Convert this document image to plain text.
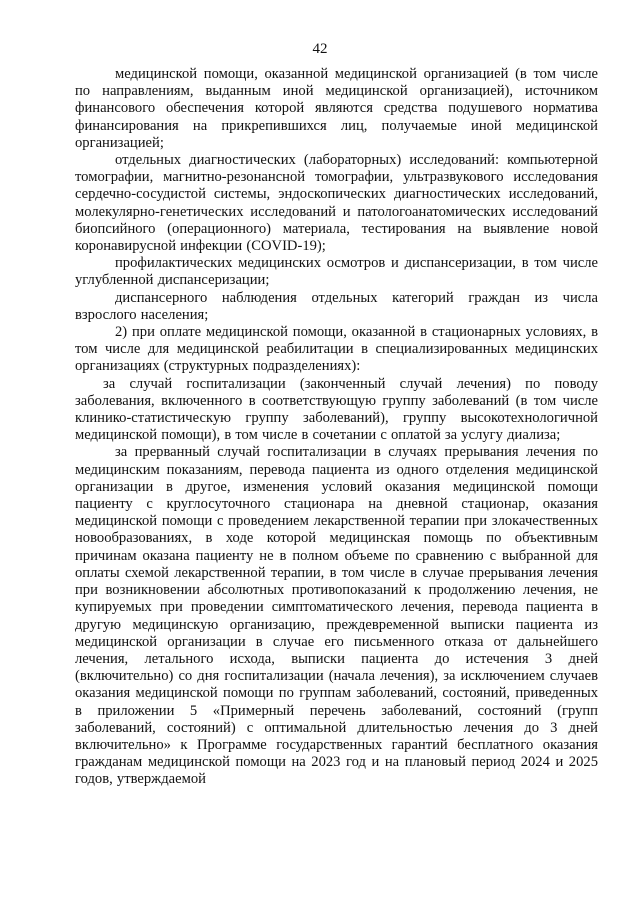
42

медицинской помощи, оказанной медицинской организацией (в том числе по направлениям, выданным иной медицинской организацией), источником финансового обеспечения которой являются средства подушевого норматива финансирования на прикрепившихся лиц, получаемые иной медицинской организацией;

отдельных диагностических (лабораторных) исследований: компьютерной томографии, магнитно-резонансной томографии, ультразвукового исследования сердечно-сосудистой системы, эндоскопических диагностических исследований, молекулярно-генетических исследований и патологоанатомических исследований биопсийного (операционного) материала, тестирования на выявление новой коронавирусной инфекции (COVID-19);

профилактических медицинских осмотров и диспансеризации, в том числе углубленной диспансеризации;

диспансерного наблюдения отдельных категорий граждан из числа взрослого населения;

2) при оплате медицинской помощи, оказанной в стационарных условиях, в том числе для медицинской реабилитации в специализированных медицинских организациях (структурных подразделениях):

за случай госпитализации (законченный случай лечения) по поводу заболевания, включенного в соответствующую группу заболеваний (в том числе клинико-статистическую группу заболеваний), группу высокотехнологичной медицинской помощи), в том числе в сочетании с оплатой за услугу диализа;

за прерванный случай госпитализации в случаях прерывания лечения по медицинским показаниям, перевода пациента из одного отделения медицинской организации в другое, изменения условий оказания медицинской помощи пациенту с круглосуточного стационара на дневной стационар, оказания медицинской помощи с проведением лекарственной терапии при злокачественных новообразованиях, в ходе которой медицинская помощь по объективным причинам оказана пациенту не в полном объеме по сравнению с выбранной для оплаты схемой лекарственной терапии, в том числе в случае прерывания лечения при возникновении абсолютных противопоказаний к продолжению лечения, не купируемых при проведении симптоматического лечения, перевода пациента в другую медицинскую организацию, преждевременной выписки пациента из медицинской организации в случае его письменного отказа от дальнейшего лечения, летального исхода, выписки пациента до истечения 3 дней (включительно) со дня госпитализации (начала лечения), за исключением случаев оказания медицинской помощи по группам заболеваний, состояний, приведенных в приложении 5 «Примерный перечень заболеваний, состояний (групп заболеваний, состояний) с оптимальной длительностью лечения до 3 дней включительно» к Программе государственных гарантий бесплатного оказания гражданам медицинской помощи на 2023 год и на плановый период 2024 и 2025 годов, утверждаемой
